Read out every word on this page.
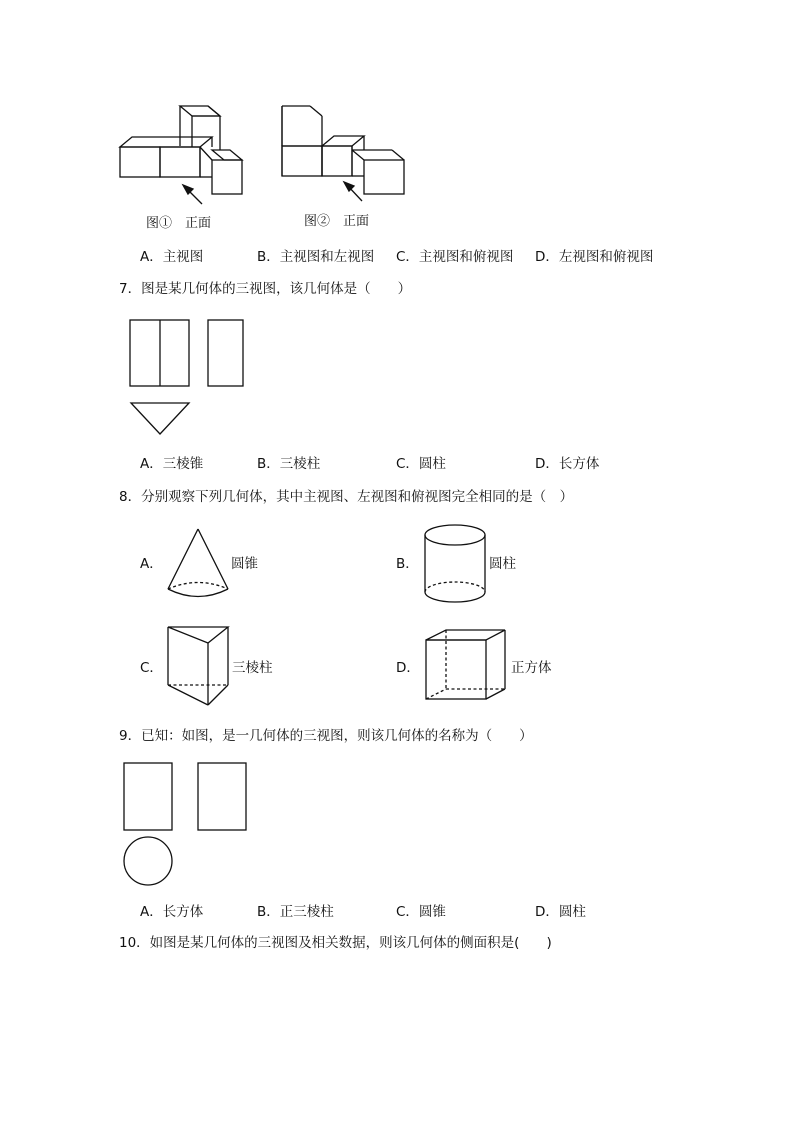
图①　正面	图②　正面
A．主视图	B．主视图和左视图 C．主视图和俯视图 D．左视图和俯视图
7．图是某几何体的三视图，该几何体是（　　）
A．三棱锥	B．三棱柱	C．圆柱	D．长方体
8．分别观察下列几何体，其中主视图、左视图和俯视图完全相同的是（　）
A．	圆锥	B．	圆柱
C．	三棱柱	D．	正方体
9．已知：如图，是一几何体的三视图，则该几何体的名称为（　　）
A．长方体	B．正三棱柱	C．圆锥	D．圆柱
10．如图是某几何体的三视图及相关数据，则该几何体的侧面积是(　　)
